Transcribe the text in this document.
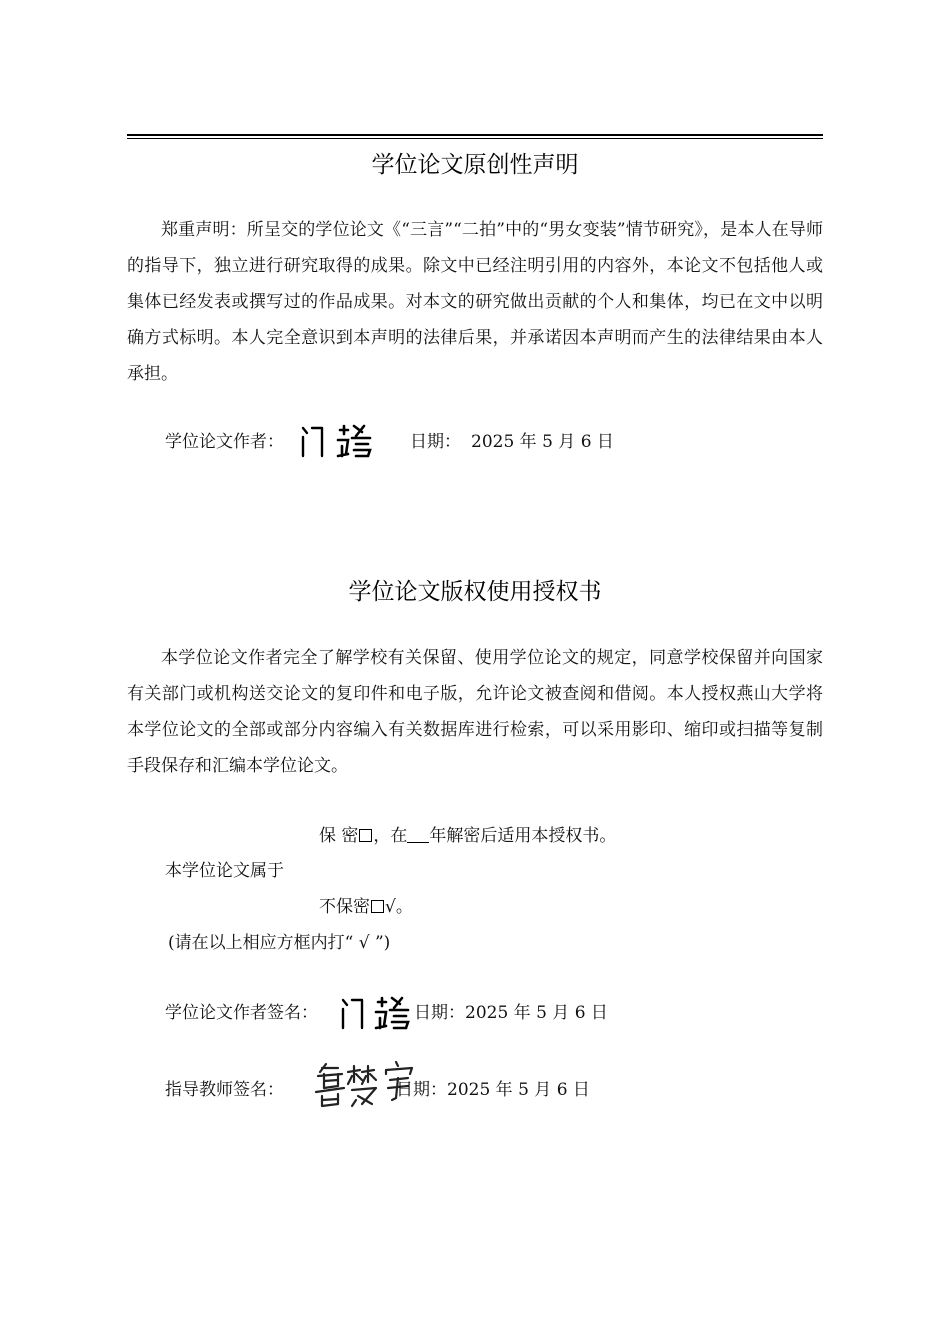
学位论文原创性声明

郑重声明：所呈交的学位论文《“三言”“二拍”中的“男女变装”情节研究》，是本人在导师的指导下，独立进行研究取得的成果。除文中已经注明引用的内容外，本论文不包括他人或集体已经发表或撰写过的作品成果。对本文的研究做出贡献的个人和集体，均已在文中以明确方式标明。本人完全意识到本声明的法律后果，并承诺因本声明而产生的法律结果由本人承担。

学位论文作者：	日期： 2025 年 5 月 6 日
学位论文版权使用授权书

本学位论文作者完全了解学校有关保留、使用学位论文的规定，同意学校保留并向国家有关部门或机构送交论文的复印件和电子版，允许论文被查阅和借阅。本人授权燕山大学将本学位论文的全部或部分内容编入有关数据库进行检索，可以采用影印、缩印或扫描等复制手段保存和汇编本学位论文。

保 密 ，在 年解密后适用本授权书。
本学位论文属于
不保密 √。
(请在以上相应方框内打“ √ ”)
学位论文作者签名：	日期：2025 年 5 月 6 日
指导教师签名：	日期：2025 年 5 月 6 日
